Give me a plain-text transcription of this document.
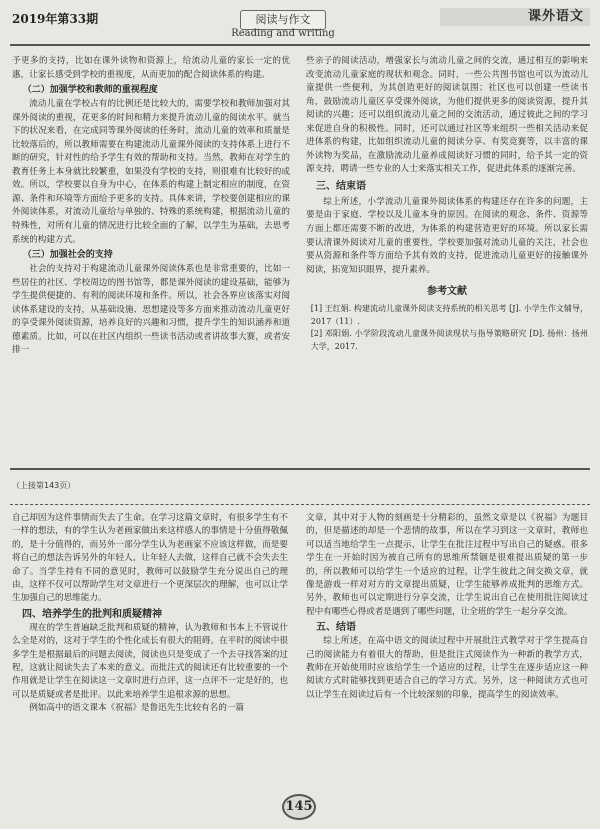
2019年第33期	阅读与作文
Reading and writing
课外语文

予更多的支持，比如在课外读物和资源上，给流动儿童的家长一定的优惠，让家长感受到学校的重视度，从而更加的配合阅读体系的构建。

（二）加强学校和教师的重视程度

流动儿童在学校占有的比例还是比较大的，需要学校和教师加强对其课外阅读的重视，花更多的时间和精力来提升流动儿童的阅读水平。就当下的状况来看，在完成同等课外阅读的任务时，流动儿童的效率和质量是比较落后的，所以教师需要在构建流动儿童课外阅读的支持体系上进行不断的研究，针对性的给予学生有效的帮助和支持。当然，教师在对学生的教育任务上本身就比较繁重，如果没有学校的支持，则很难有比较好的成效。所以，学校要以自身为中心，在体系的构建上制定相应的制度，在资源、条件和环境等方面给予更多的支持。具体来讲，学校要创建相应的课外阅读体系，对流动儿童给与单独的、特殊的系统构建，根据流动儿童的特殊性，对所有儿童的情况进行比较全面的了解，以学生为基础，去思考系统的构建方式。

（三）加强社会的支持

社会的支持对于构建流动儿童课外阅读体系也是非常重要的，比如一些居住的社区、学校周边的图书馆等，都是课外阅读的建设基础，能够为学生提供便捷的、有利的阅读环境和条件。所以，社会各界应该落实对阅读体系建设的支持，从基础设施、思想建设等多方面来推动流动儿童更好的享受课外阅读资源，培养良好的兴趣和习惯，提升学生的知识涵养和道德素质。比如，可以在社区内组织一些读书活动或者讲故事大赛，或者安排一

些亲子的阅读活动，增强家长与流动儿童之间的交流，通过相互的影响来改变流动儿童家庭的现状和观念。同时，一些公共图书馆也可以为流动儿童提供一些便利，为其创造更好的阅读氛围；社区也可以创建一些读书角，鼓励流动儿童区享受课外阅读，为他们提供更多的阅读资源，提升其阅读的兴趣；还可以组织流动儿童之间的交流活动，通过彼此之间的学习来促进自身的积极性。同时，还可以通过社区等来组织一些相关活动来促进体系的构建，比如组织流动儿童的阅读分享、有奖竞赛等，以丰富的课外读物为奖品，在激励流动儿童养成阅读好习惯的同时，给予其一定的资源支持，聘请一些专业的人士来落实相关工作，促进此体系的逐渐完善。

三、结束语

综上所述，小学流动儿童课外阅读体系的构建还存在许多的问题，主要是由于家庭、学校以及儿童本身的原因。在阅读的观念、条件、资源等方面上都还需要不断的改进，为体系的构建营造更好的环境。所以家长需要认清课外阅读对儿童的重要性，学校要加强对流动儿童的关注，社会也要从资源和条件等方面给予其有效的支持，促进流动儿童更好的接触课外阅读，拓宽知识眼界，提升素养。

参考文献

[1] 王红娟. 构建流动儿童课外阅读支持系统的相关思考 [J]. 小学生作文辅导，2017（11）.

[2] 邓阳娟. 小学阶段流动儿童课外阅读现状与指导策略研究 [D]. 扬州：扬州大学，2017.

（上接第143页）

自己却因为这件事情而失去了生命。在学习这篇文章时，有很多学生有不一样的想法，有的学生认为老画家做出来这样感人的事情是十分值得敬佩的，是十分值得的，而另外一部分学生认为老画家不应该这样做，而是要将自己的想法告诉另外的年轻人，让年轻人去做，这样自己就不会失去生命了。当学生持有不同的意见时，教师可以鼓励学生充分说出自己的理由，这样不仅可以帮助学生对文章进行一个更深层次的理解，也可以让学生加强自己的思维能力。

四、培养学生的批判和质疑精神

现在的学生普遍缺乏批判和质疑的精神，认为教师和书本上不管说什么全是对的，这对于学生的个性化成长有很大的阻碍。在平时的阅读中很多学生是根据最后的问题去阅读，阅读也只是变成了一个去寻找答案的过程，这就让阅读失去了本来的意义。而批注式的阅读还有比较重要的一个作用就是让学生在阅读这一文章时进行点评，这一点评不一定是好的，也可以是质疑或者是批评。以此来培养学生追根求源的思想。

例如高中的语文课本《祝福》是鲁迅先生比较有名的一篇

文章，其中对于人物的刻画是十分精彩的，虽然文章是以《祝福》为题目的，但是描述的却是一个悲情的故事，所以在学习到这一文章时，教师也可以适当地给学生一点提示，让学生在批注过程中写出自己的疑惑。很多学生在一开始时因为被自己所有的思维所禁锢是很难提出质疑的第一步的，所以教师可以给学生一个适应的过程，让学生彼此之间交换文章，就像是游戏一样对对方的文章提出质疑，让学生能够养成批判的思维方式。另外，教师也可以定期进行分享交流，让学生说出自己在使用批注阅读过程中有哪些心得或者是遇到了哪些问题，让全班的学生一起分享交流。

五、结语

综上所述，在高中语文的阅读过程中开展批注式教学对于学生提高自己的阅读能力有着很大的帮助，但是批注式阅读作为一种新的教学方式，教师在开始使用时应该给学生一个适应的过程，让学生在逐步适应这一种阅读方式时能够找到更适合自己的学习方式。另外，这一种阅读方式也可以让学生在阅读过后有一个比较深刻的印象，提高学生的阅读效率。

145
